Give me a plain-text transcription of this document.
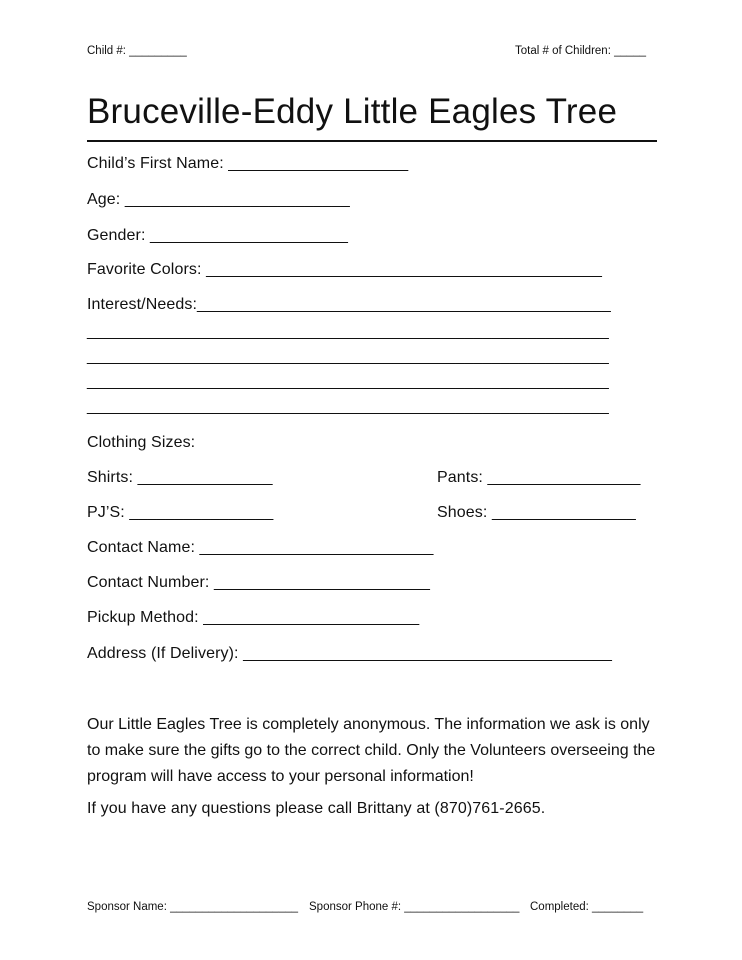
Child #: _________	Total # of Children: _____
Bruceville-Eddy Little Eagles Tree
Child’s First Name: ____________________
Age: _________________________
Gender: ______________________
Favorite Colors: ____________________________________________
Interest/Needs:______________________________________________
__________________________________________________________
__________________________________________________________
__________________________________________________________
__________________________________________________________
Clothing Sizes:
Shirts: _______________	Pants: _________________
PJ’S: ________________	Shoes: ________________
Contact Name: __________________________
Contact Number: ________________________
Pickup Method: ________________________
Address (If Delivery): _________________________________________
Our Little Eagles Tree is completely anonymous. The information we ask is only to make sure the gifts go to the correct child. Only the Volunteers overseeing the program will have access to your personal information!
If you have any questions please call Brittany at (870)761-2665.
Sponsor Name: ____________________ Sponsor Phone #: __________________ Completed: ________
